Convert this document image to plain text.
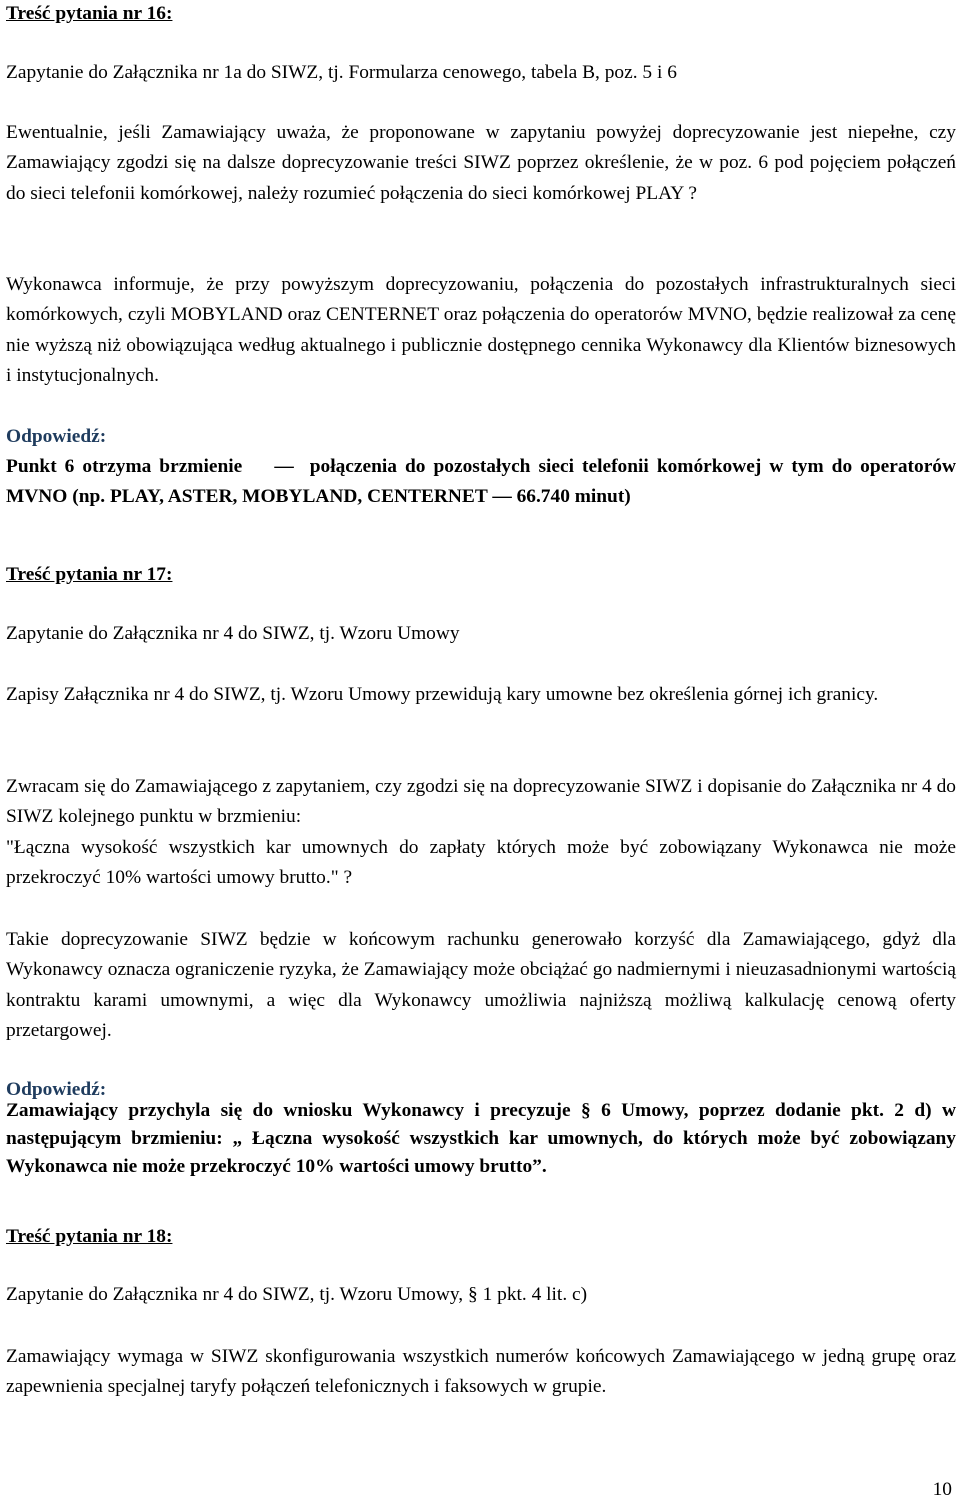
Treść pytania nr 16:

Zapytanie do Załącznika nr 1a do SIWZ, tj. Formularza cenowego, tabela B, poz. 5 i 6

Ewentualnie, jeśli Zamawiający uważa, że proponowane w zapytaniu powyżej doprecyzowanie jest niepełne, czy Zamawiający zgodzi się na dalsze doprecyzowanie treści SIWZ poprzez określenie, że w poz. 6 pod pojęciem połączeń do sieci telefonii komórkowej, należy rozumieć połączenia do sieci komórkowej PLAY ?

Wykonawca informuje, że przy powyższym doprecyzowaniu, połączenia do pozostałych infrastrukturalnych sieci komórkowych, czyli MOBYLAND oraz CENTERNET oraz połączenia do operatorów MVNO, będzie realizował za cenę nie wyższą niż obowiązująca według aktualnego i publicznie dostępnego cennika Wykonawcy dla Klientów biznesowych i instytucjonalnych.

Odpowiedź:

Punkt 6 otrzyma brzmienie — połączenia do pozostałych sieci telefonii komórkowej w tym do operatorów MVNO (np. PLAY, ASTER, MOBYLAND, CENTERNET — 66.740 minut)

Treść pytania nr 17:

Zapytanie do Załącznika nr 4 do SIWZ, tj. Wzoru Umowy

Zapisy Załącznika nr 4 do SIWZ, tj. Wzoru Umowy przewidują kary umowne bez określenia górnej ich granicy.

Zwracam się do Zamawiającego z zapytaniem, czy zgodzi się na doprecyzowanie SIWZ i dopisanie do Załącznika nr 4 do SIWZ kolejnego punktu w brzmieniu:

"Łączna wysokość wszystkich kar umownych do zapłaty których może być zobowiązany Wykonawca nie może przekroczyć 10% wartości umowy brutto." ?

Takie doprecyzowanie SIWZ będzie w końcowym rachunku generowało korzyść dla Zamawiającego, gdyż dla Wykonawcy oznacza ograniczenie ryzyka, że Zamawiający może obciążać go nadmiernymi i nieuzasadnionymi wartością kontraktu karami umownymi, a więc dla Wykonawcy umożliwia najniższą możliwą kalkulację cenową oferty przetargowej.

Odpowiedź:

Zamawiający przychyla się do wniosku Wykonawcy i precyzuje § 6 Umowy, poprzez dodanie pkt. 2 d) w następującym brzmieniu: „ Łączna wysokość wszystkich kar umownych, do których może być zobowiązany Wykonawca nie może przekroczyć 10% wartości umowy brutto”.

Treść pytania nr 18:

Zapytanie do Załącznika nr 4 do SIWZ, tj. Wzoru Umowy, § 1 pkt. 4 lit. c)

Zamawiający wymaga w SIWZ skonfigurowania wszystkich numerów końcowych Zamawiającego w jedną grupę oraz zapewnienia specjalnej taryfy połączeń telefonicznych i faksowych w grupie.

10
